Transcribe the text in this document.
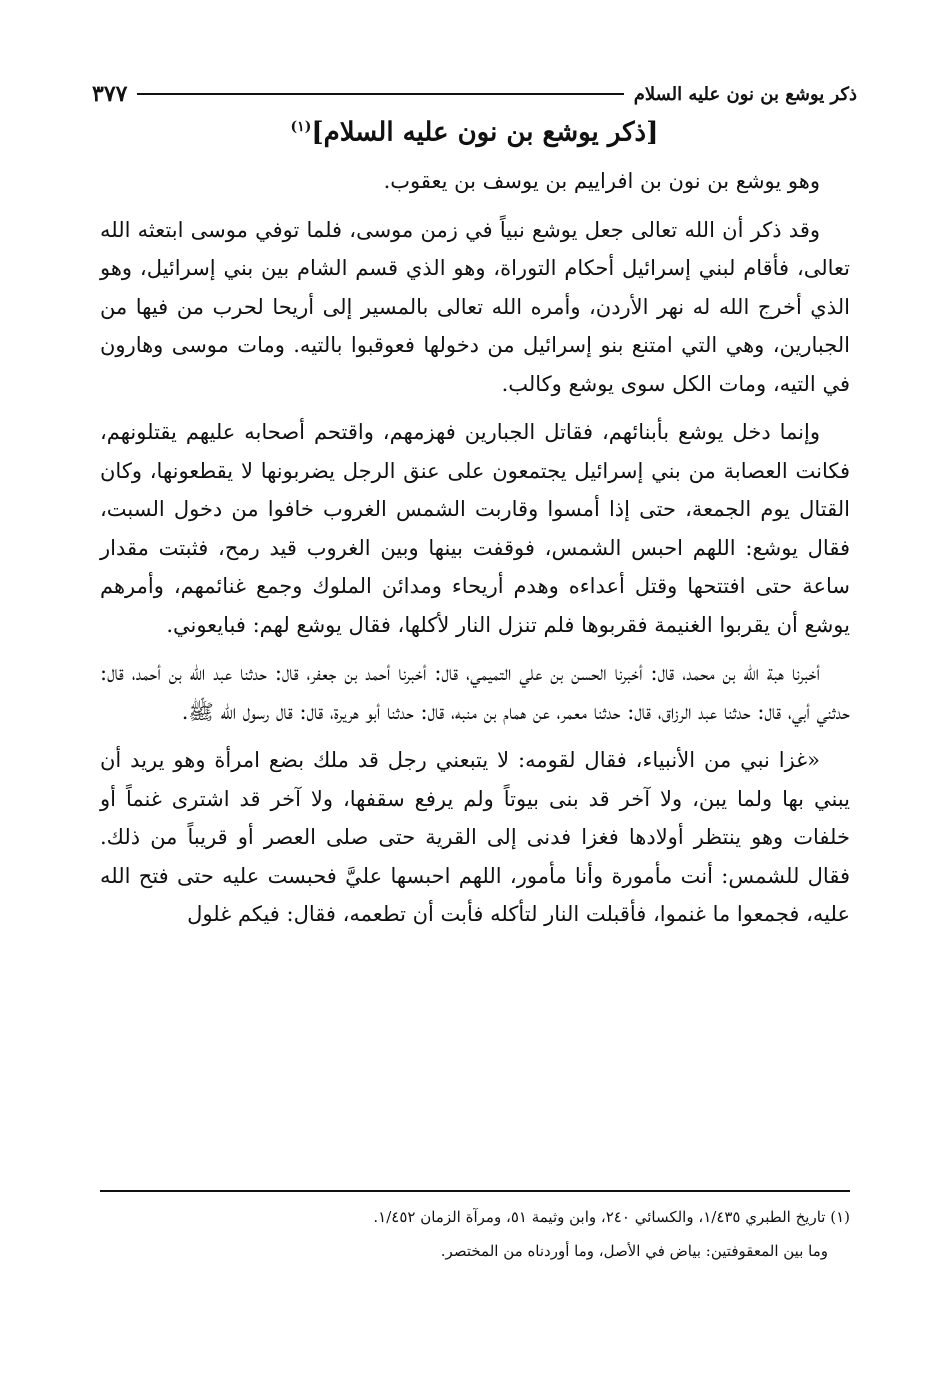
ذكر يوشع بن نون عليه السلام
٣٧٧
[ذكر يوشع بن نون عليه السلام]$^{(١)}$

وهو يوشع بن نون بن افراييم بن يوسف بن يعقوب.

وقد ذكر أن الله تعالى جعل يوشع نبياً في زمن موسى، فلما توفي موسى ابتعثه الله تعالى، فأقام لبني إسرائيل أحكام التوراة، وهو الذي قسم الشام بين بني إسرائيل، وهو الذي أخرج الله له نهر الأردن، وأمره الله تعالى بالمسير إلى أريحا لحرب من فيها من الجبارين، وهي التي امتنع بنو إسرائيل من دخولها فعوقبوا بالتيه. ومات موسى وهارون في التيه، ومات الكل سوى يوشع وكالب.

وإنما دخل يوشع بأبنائهم، فقاتل الجبارين فهزمهم، واقتحم أصحابه عليهم يقتلونهم، فكانت العصابة من بني إسرائيل يجتمعون على عنق الرجل يضربونها لا يقطعونها، وكان القتال يوم الجمعة، حتى إذا أمسوا وقاربت الشمس الغروب خافوا من دخول السبت، فقال يوشع: اللهم احبس الشمس، فوقفت بينها وبين الغروب قيد رمح، فثبتت مقدار ساعة حتى افتتحها وقتل أعداءه وهدم أريحاء ومدائن الملوك وجمع غنائمهم، وأمرهم يوشع أن يقربوا الغنيمة فقربوها فلم تنزل النار لأكلها، فقال يوشع لهم: فبايعوني.

أخبرنا هبة الله بن محمد، قال: أخبرنا الحسن بن علي التميمي، قال: أخبرنا أحمد بن جعفر، قال: حدثنا عبد الله بن أحمد، قال: حدثني أبي، قال: حدثنا عبد الرزاق، قال: حدثنا معمر، عن همام بن منبه، قال: حدثنا أبو هريرة، قال: قال رسول الله ﷺ.

«غزا نبي من الأنبياء، فقال لقومه: لا يتبعني رجل قد ملك بضع امرأة وهو يريد أن يبني بها ولما يبن، ولا آخر قد بنى بيوتاً ولم يرفع سقفها، ولا آخر قد اشترى غنماً أو خلفات وهو ينتظر أولادها فغزا فدنى إلى القرية حتى صلى العصر أو قريباً من ذلك. فقال للشمس: أنت مأمورة وأنا مأمور، اللهم احبسها عليَّ فحبست عليه حتى فتح الله عليه، فجمعوا ما غنموا، فأقبلت النار لتأكله فأبت أن تطعمه، فقال: فيكم غلول

(١) تاريخ الطبري ١/٤٣٥، والكسائي ٢٤٠، وابن وثيمة ٥١، ومرآة الزمان ١/٤٥٢.
وما بين المعقوفتين: بياض في الأصل، وما أوردناه من المختصر.
